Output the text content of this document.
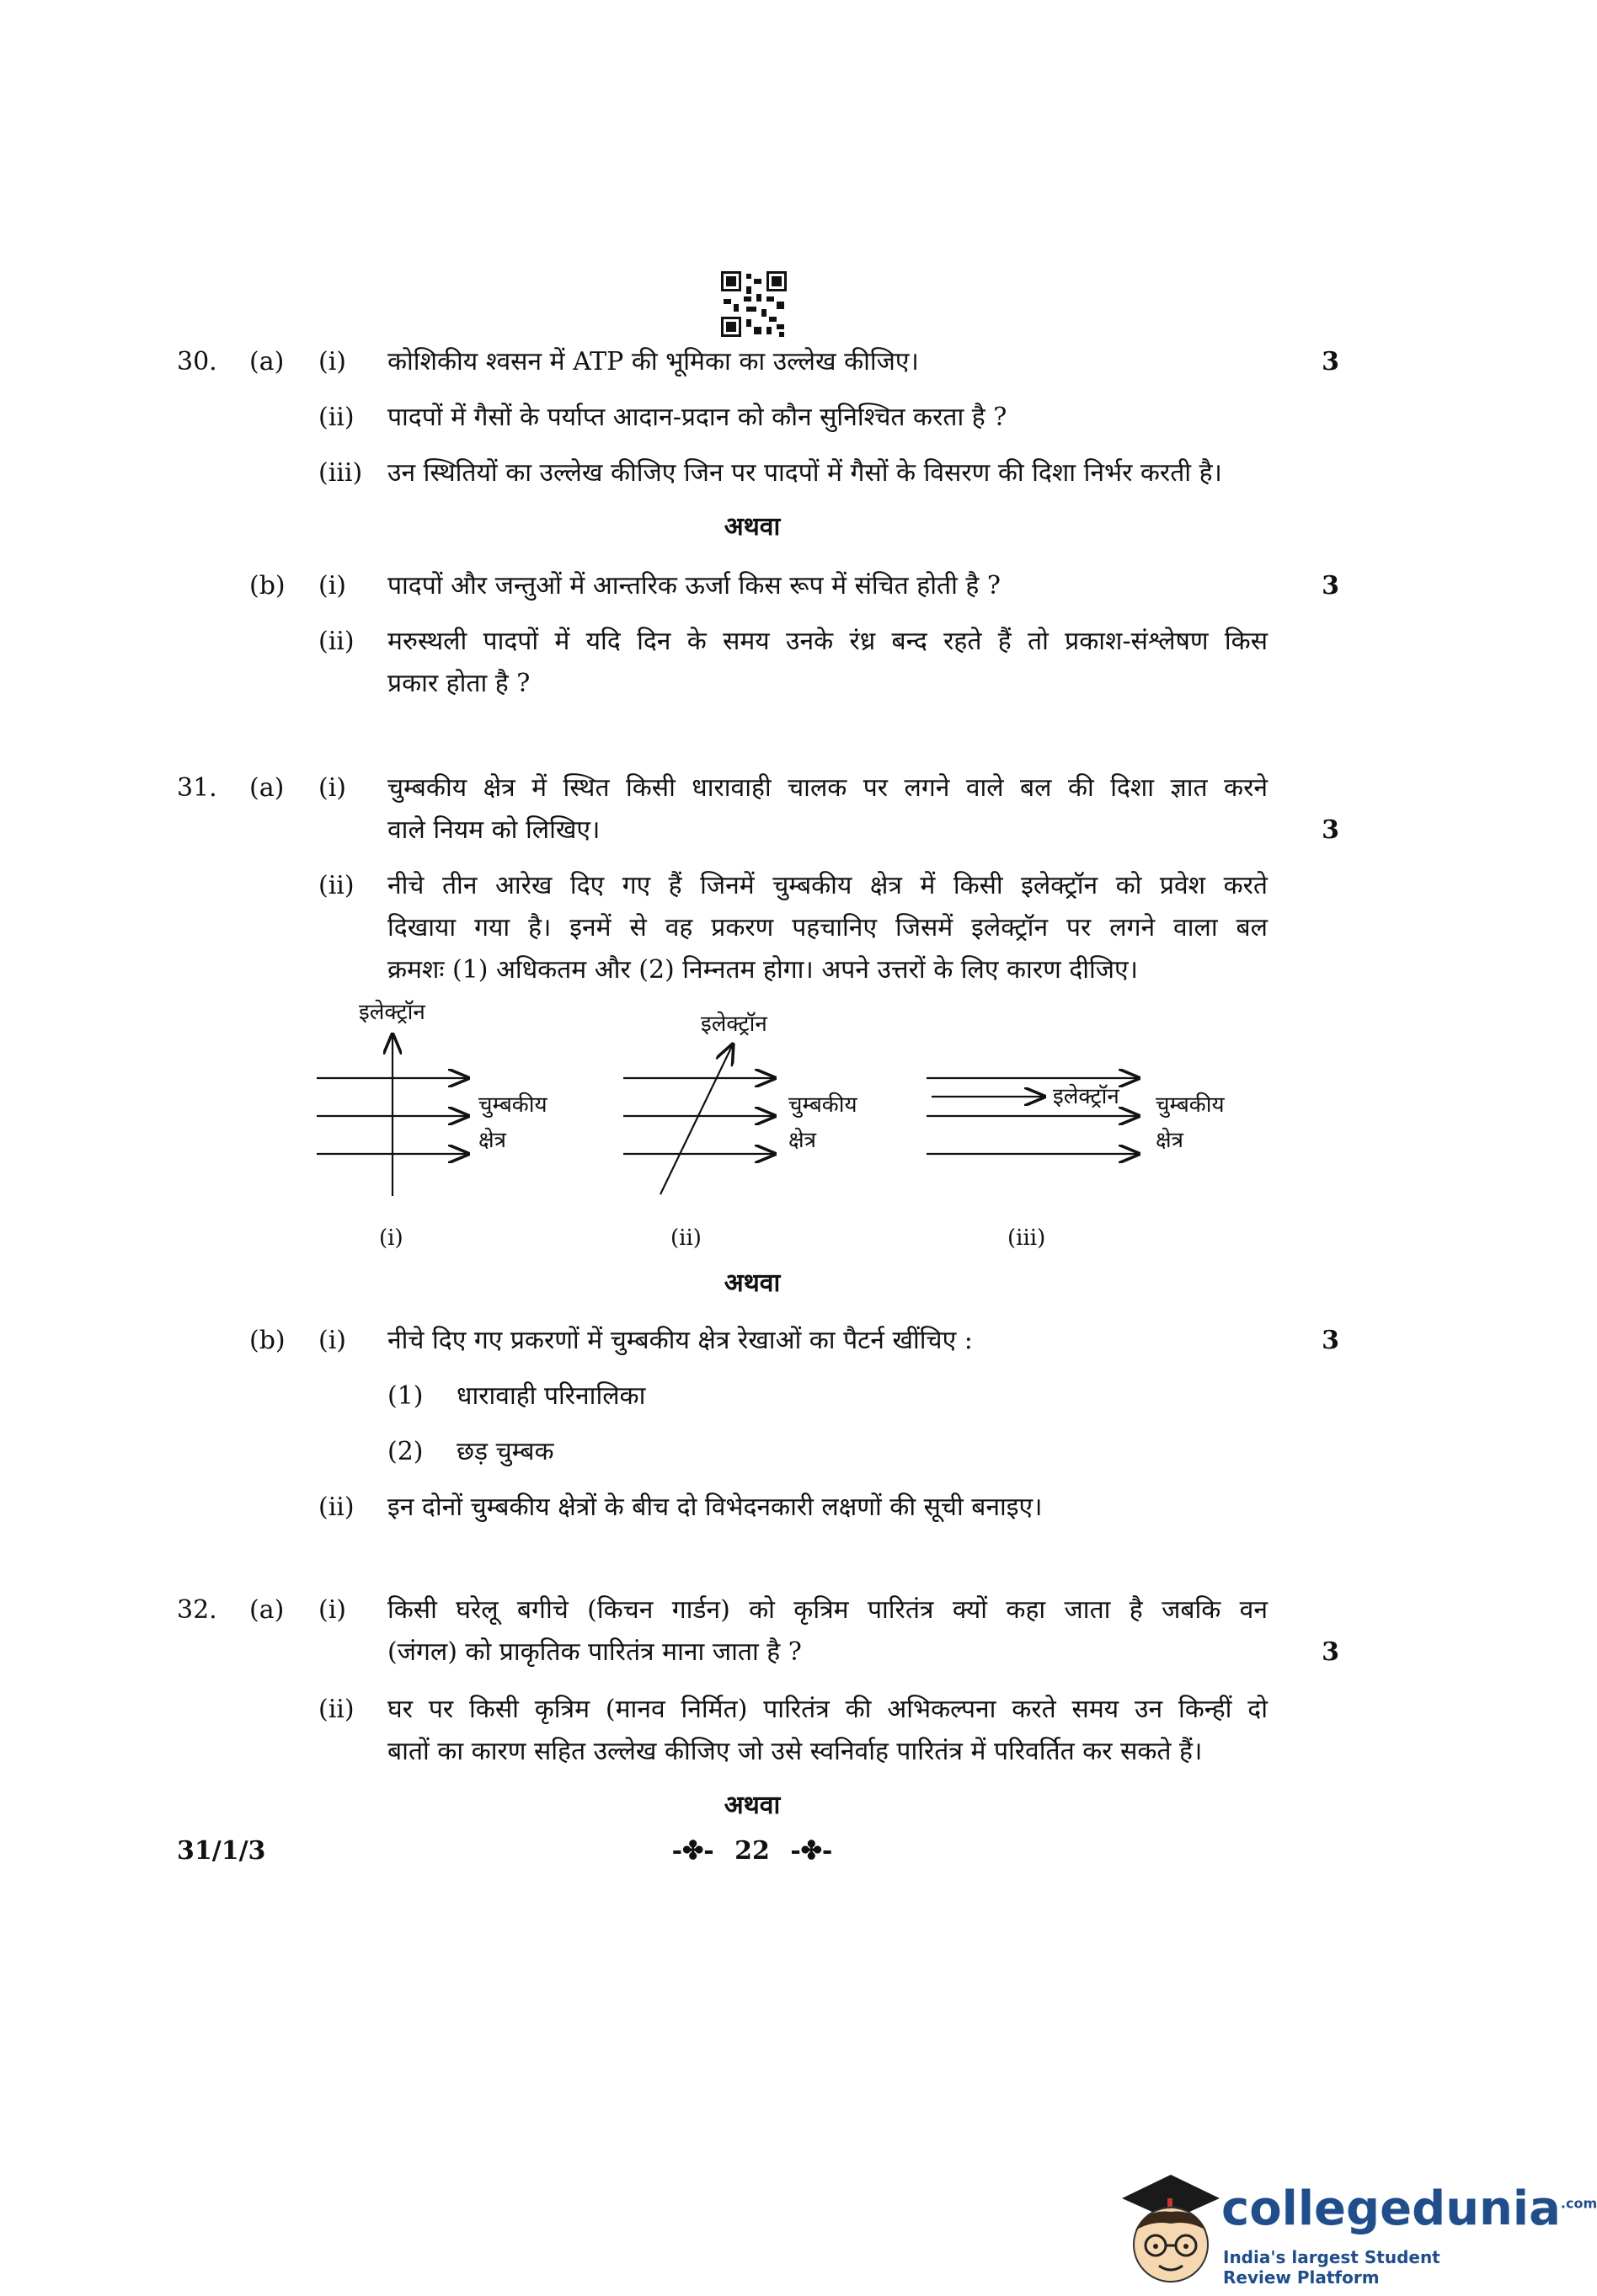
30. (a) (i) कोशिकीय श्वसन में ATP की भूमिका का उल्लेख कीजिए।	3
(ii) पादपों में गैसों के पर्याप्त आदान-प्रदान को कौन सुनिश्चित करता है ?
(iii) उन स्थितियों का उल्लेख कीजिए जिन पर पादपों में गैसों के विसरण की दिशा निर्भर करती है।
अथवा
(b) (i) पादपों और जन्तुओं में आन्तरिक ऊर्जा किस रूप में संचित होती है ?	3
(ii) मरुस्थली पादपों में यदि दिन के समय उनके रंध्र बन्द रहते हैं तो प्रकाश-संश्लेषण किस
प्रकार होता है ?
31. (a) (i) चुम्बकीय क्षेत्र में स्थित किसी धारावाही चालक पर लगने वाले बल की दिशा ज्ञात करने
वाले नियम को लिखिए।	3
(ii) नीचे तीन आरेख दिए गए हैं जिनमें चुम्बकीय क्षेत्र में किसी इलेक्ट्रॉन को प्रवेश करते
दिखाया गया है। इनमें से वह प्रकरण पहचानिए जिसमें इलेक्ट्रॉन पर लगने वाला बल
क्रमशः (1) अधिकतम और (2) निम्नतम होगा। अपने उत्तरों के लिए कारण दीजिए।
इलेक्ट्रॉन
चुम्बकीय
क्षेत्र
(i)
इलेक्ट्रॉन
चुम्बकीय
क्षेत्र
(ii)
इलेक्ट्रॉन चुम्बकीय
क्षेत्र
(iii)
अथवा
(b) (i) नीचे दिए गए प्रकरणों में चुम्बकीय क्षेत्र रेखाओं का पैटर्न खींचिए :	3
(1) धारावाही परिनालिका
(2) छड़ चुम्बक
(ii) इन दोनों चुम्बकीय क्षेत्रों के बीच दो विभेदनकारी लक्षणों की सूची बनाइए।
32. (a) (i) किसी घरेलू बगीचे (किचन गार्डन) को कृत्रिम पारितंत्र क्यों कहा जाता है जबकि वन
(जंगल) को प्राकृतिक पारितंत्र माना जाता है ?	3
(ii) घर पर किसी कृत्रिम (मानव निर्मित) पारितंत्र की अभिकल्पना करते समय उन किन्हीं दो
बातों का कारण सहित उल्लेख कीजिए जो उसे स्वनिर्वाह पारितंत्र में परिवर्तित कर सकते हैं।
अथवा
31/1/3	-✤- 22 -✤-
collegedunia$^{.com}$
India's largest Student Review Platform
